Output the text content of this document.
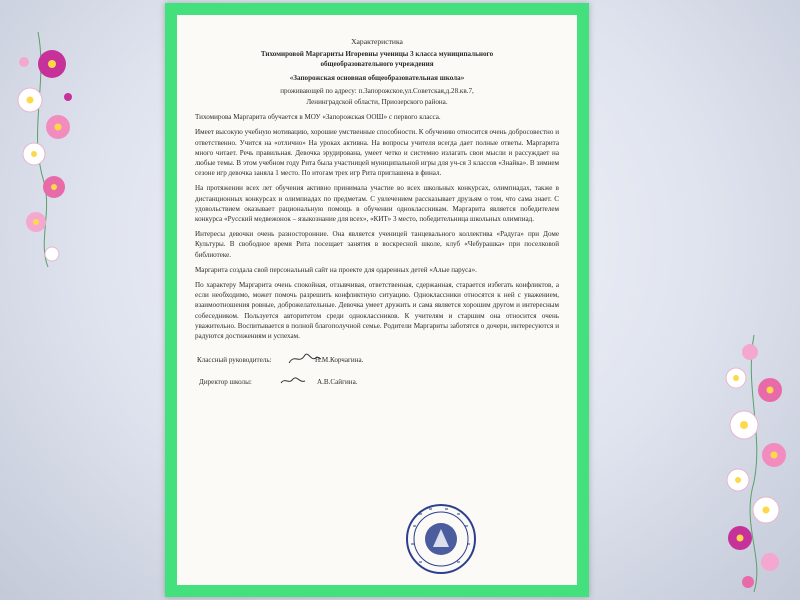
Характеристика
Тихомировой Маргариты Игоревны ученицы 3 класса муниципального
общеобразовательного учреждения
«Запорожская основная общеобразовательная школа»
проживающей по адресу: п.Запорожское,ул.Советская,д.28.кв.7,
Ленинградской области, Приозерского района.
Тихомирова Маргарита обучается в МОУ «Запорожская ООШ» с первого класса.
Имеет высокую учебную мотивацию, хорошие умственные способности. К обучению относится очень добросовестно и ответственно. Учится на «отлично» На уроках активна. На вопросы учителя всегда дает полные ответы. Маргарита много читает. Речь правильная. Девочка эрудирована, умеет четко и системно излагать свои мысли и рассуждает на любые темы. В этом учебном году Рита была участницей муниципальной игры для уч-ся 3 классов «Знайка». В зимнем сезоне игр девочка заняла 1 место. По итогам трех игр Рита приглашена в финал.
На протяжении всех лет обучения активно принимала участие во всех школьных конкурсах, олимпиадах, также в дистанционных конкурсах и олимпиадах по предметам. С увлечением рассказывает друзьям о том, что сама знает. С удовольствием оказывает рациональную помощь в обучении одноклассникам. Маргарита является победителем конкурса «Русский медвежонок – языкознание для всех», «КИТ» 3 место, победительница школьных олимпиад.
Интересы девочки очень разносторонние. Она является ученицей танцевального коллектива «Радуга» при Доме Культуры. В свободное время Рита посещает занятия в воскресной школе, клуб «Чебурашка» при поселковой библиотеке.
Маргарита создала свой персональный сайт на проекте для одаренных детей «Алые паруса».
По характеру Маргарита очень спокойная, отзывчивая, ответственная, сдержанная, старается избегать конфликтов, а если необходимо, может помочь разрешить конфликтную ситуацию. Одноклассники относятся к ней с уважением, взаимоотношения ровные, доброжелательные. Девочка умеет дружить и сама является хорошим другом и интересным собеседником. Пользуется авторитетом среди одноклассников. К учителям и старшим она относится очень уважительно. Воспитывается в полной благополучной семье. Родители Маргариты заботятся о дочери, интересуются и радуются достижениям и успехам.
Классный руководитель:	Н.М.Корчагина.
Директор школы:	А.В.Сайгина.
